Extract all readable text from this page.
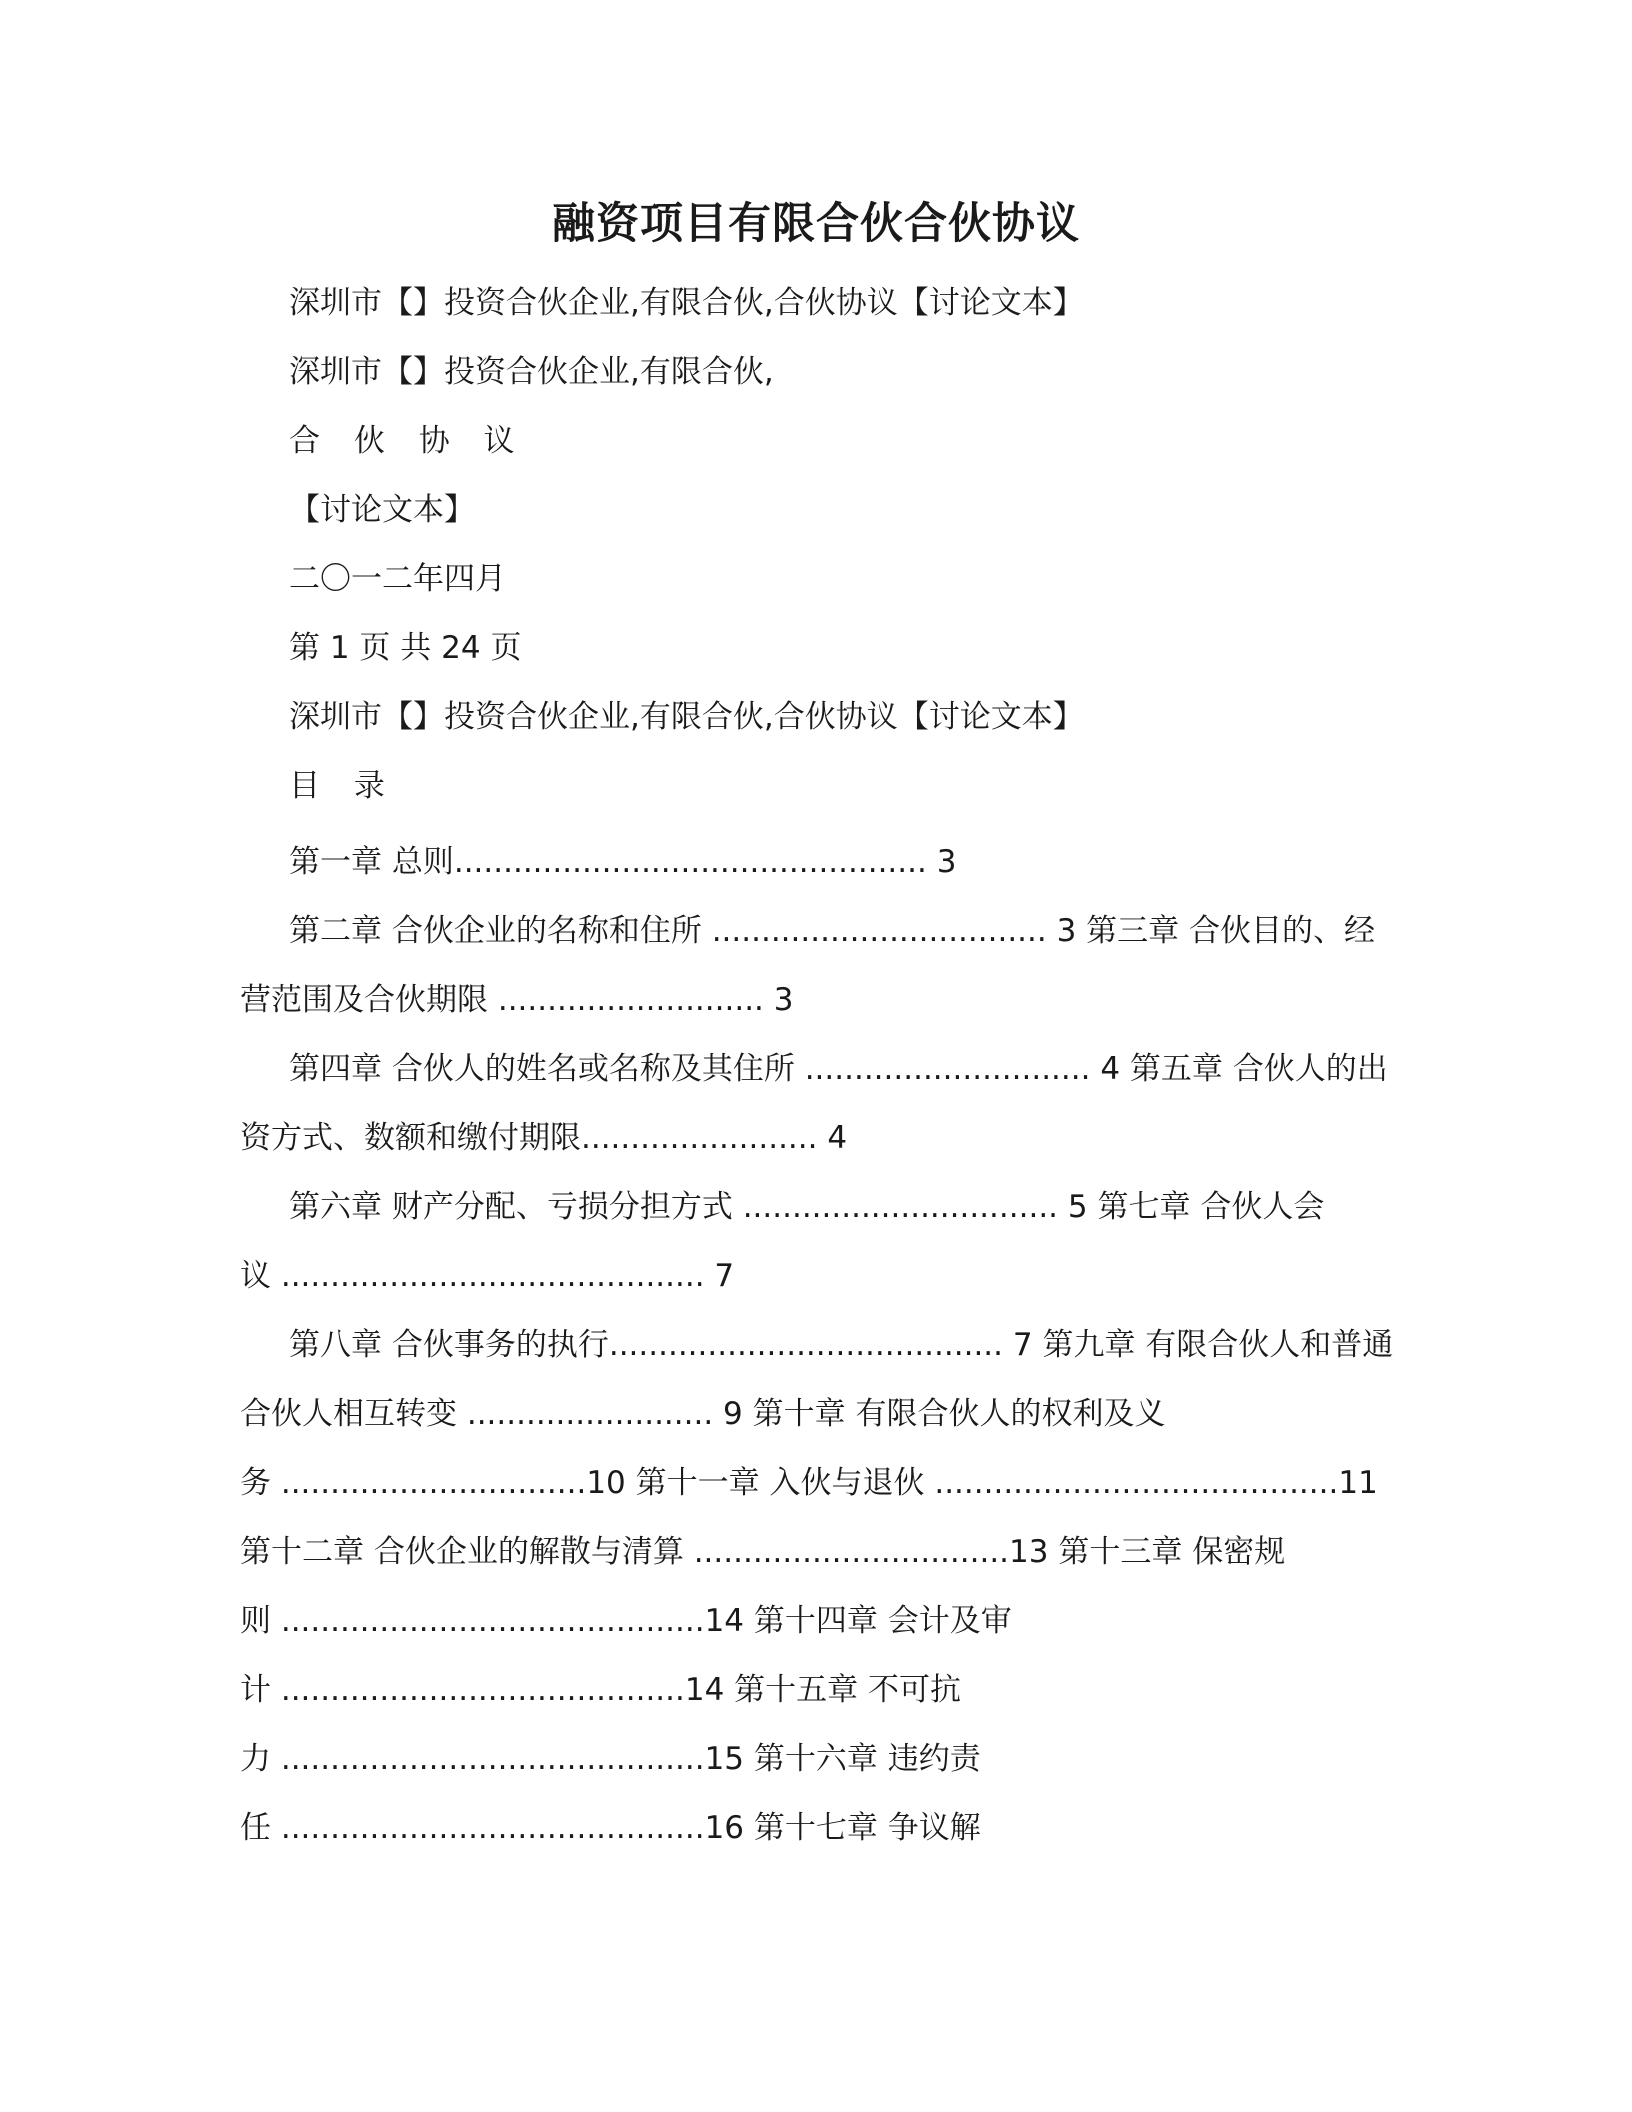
融资项目有限合伙合伙协议
深圳市【】投资合伙企业,有限合伙,合伙协议【讨论文本】
深圳市【】投资合伙企业,有限合伙,
合 伙 协 议
【讨论文本】
二〇一二年四月
第 1 页 共 24 页
深圳市【】投资合伙企业,有限合伙,合伙协议【讨论文本】
目 录
第一章 总则................................................ 3
第二章 合伙企业的名称和住所 .................................. 3 第三章 合伙目的、经
营范围及合伙期限 ........................... 3
第四章 合伙人的姓名或名称及其住所 ............................. 4 第五章 合伙人的出
资方式、数额和缴付期限........................ 4
第六章 财产分配、亏损分担方式 ................................ 5 第七章 合伙人会
议 ........................................... 7
第八章 合伙事务的执行........................................ 7 第九章 有限合伙人和普通
合伙人相互转变 ......................... 9 第十章 有限合伙人的权利及义
务 ...............................10 第十一章 入伙与退伙 .........................................11
第十二章 合伙企业的解散与清算 ................................13 第十三章 保密规
则 ...........................................14 第十四章 会计及审
计 .........................................14 第十五章 不可抗
力 ...........................................15 第十六章 违约责
任 ...........................................16 第十七章 争议解
